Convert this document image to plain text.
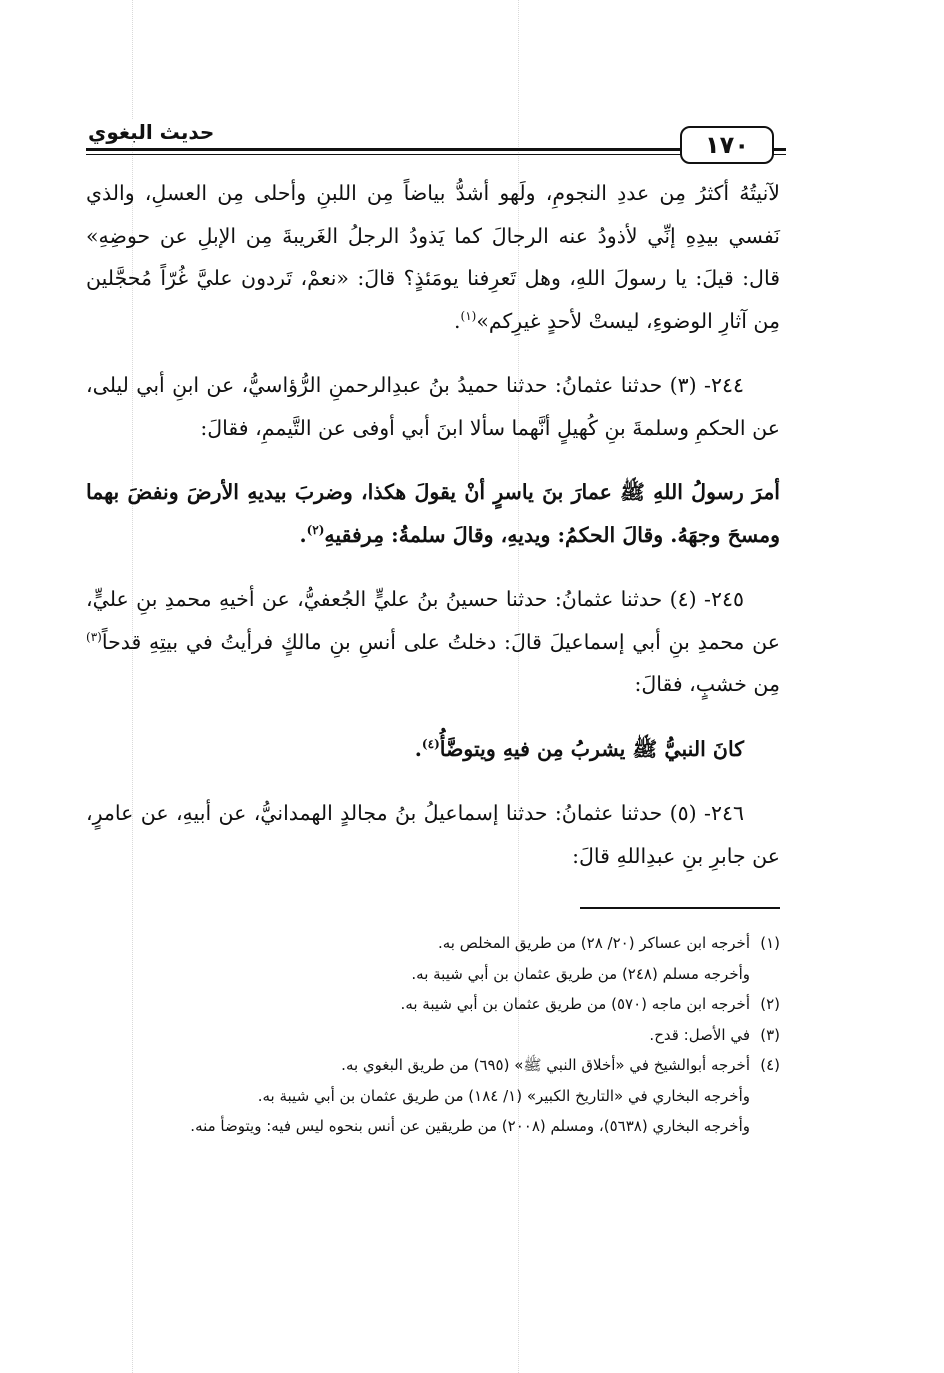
حديث البغوي	١٧٠

لآنيتُهُ أكثرُ مِن عددِ النجومِ، ولَهو أشدُّ بياضاً مِن اللبنِ وأحلى مِن العسلِ، والذي نَفسي بيدِهِ إنِّي لأذودُ عنه الرجالَ كما يَذودُ الرجلُ الغَريبةَ مِن الإبلِ عن حوضِهِ» قال: قيلَ: يا رسولَ اللهِ، وهل تَعرِفنا يومَئذٍ؟ قالَ: «نعمْ، تَردون عليَّ غُرّاً مُحجَّلين مِن آثارِ الوضوءِ، ليستْ لأحدٍ غيرِكم»$^{(١)}$.

٢٤٤- (٣) حدثنا عثمانُ: حدثنا حميدُ بنُ عبدِالرحمنِ الرُّؤاسيُّ، عن ابنِ أبي ليلى، عن الحكمِ وسلمةَ بنِ كُهيلٍ أنَّهما سألا ابنَ أبي أوفى عن التَّيممِ، فقالَ:

أمرَ رسولُ اللهِ ﷺ عمارَ بنَ ياسرٍ أنْ يقولَ هكذا، وضربَ بيديهِ الأرضَ ونفضَ بهما ومسحَ وجهَهُ. وقالَ الحكمُ: ويديهِ، وقالَ سلمةُ: مِرفقيهِ$^{(٢)}$.

٢٤٥- (٤) حدثنا عثمانُ: حدثنا حسينُ بنُ عليٍّ الجُعفيُّ، عن أخيهِ محمدِ بنِ عليٍّ، عن محمدِ بنِ أبي إسماعيلَ قالَ: دخلتُ على أنسِ بنِ مالكٍ فرأيتُ في بيتِهِ قدحاً$^{(٣)}$ مِن خشبٍ، فقالَ:

كانَ النبيُّ ﷺ يشربُ مِن فيهِ ويتوضَّأُ$^{(٤)}$.

٢٤٦- (٥) حدثنا عثمانُ: حدثنا إسماعيلُ بنُ مجالدٍ الهمدانيُّ، عن أبيهِ، عن عامرٍ، عن جابرِ بنِ عبدِاللهِ قالَ:

(١)أخرجه ابن عساكر (٢٠/ ٢٨) من طريق المخلص به.

وأخرجه مسلم (٢٤٨) من طريق عثمان بن أبي شيبة به.

(٢)أخرجه ابن ماجه (٥٧٠) من طريق عثمان بن أبي شيبة به.

(٣)في الأصل: قدح.

(٤)أخرجه أبوالشيخ في «أخلاق النبي ﷺ» (٦٩٥) من طريق البغوي به.

وأخرجه البخاري في «التاريخ الكبير» (١/ ١٨٤) من طريق عثمان بن أبي شيبة به.

وأخرجه البخاري (٥٦٣٨)، ومسلم (٢٠٠٨) من طريقين عن أنس بنحوه ليس فيه: ويتوضأ منه.
